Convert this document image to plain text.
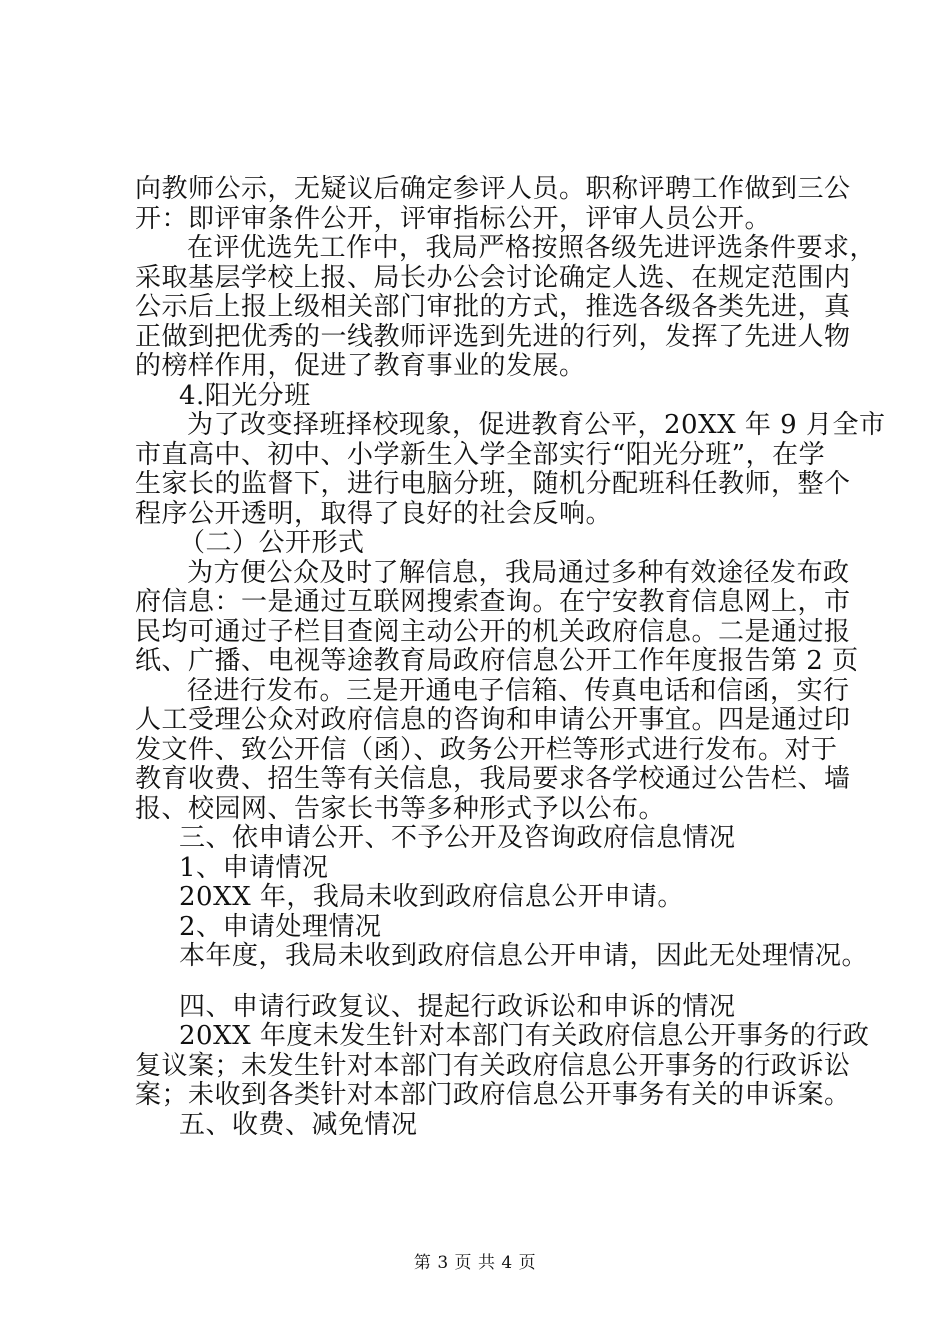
向教师公示，无疑议后确定参评人员。职称评聘工作做到三公
开：即评审条件公开，评审指标公开，评审人员公开。
在评优选先工作中，我局严格按照各级先进评选条件要求，
采取基层学校上报、局长办公会讨论确定人选、在规定范围内
公示后上报上级相关部门审批的方式，推选各级各类先进，真
正做到把优秀的一线教师评选到先进的行列，发挥了先进人物
的榜样作用，促进了教育事业的发展。
4.阳光分班
为了改变择班择校现象，促进教育公平，20XX 年 9 月全市
市直高中、初中、小学新生入学全部实行“阳光分班”，在学
生家长的监督下，进行电脑分班，随机分配班科任教师，整个
程序公开透明，取得了良好的社会反响。
（二）公开形式
为方便公众及时了解信息，我局通过多种有效途径发布政
府信息：一是通过互联网搜索查询。在宁安教育信息网上，市
民均可通过子栏目查阅主动公开的机关政府信息。二是通过报
纸、广播、电视等途教育局政府信息公开工作年度报告第 2 页
径进行发布。三是开通电子信箱、传真电话和信函，实行
人工受理公众对政府信息的咨询和申请公开事宜。四是通过印
发文件、致公开信（函）、政务公开栏等形式进行发布。对于
教育收费、招生等有关信息，我局要求各学校通过公告栏、墙
报、校园网、告家长书等多种形式予以公布。
三、依申请公开、不予公开及咨询政府信息情况
1、申请情况
20XX 年，我局未收到政府信息公开申请。
2、申请处理情况
本年度，我局未收到政府信息公开申请，因此无处理情况。
四、申请行政复议、提起行政诉讼和申诉的情况
20XX 年度未发生针对本部门有关政府信息公开事务的行政
复议案；未发生针对本部门有关政府信息公开事务的行政诉讼
案；未收到各类针对本部门政府信息公开事务有关的申诉案。
五、收费、减免情况
第 3 页 共 4 页
